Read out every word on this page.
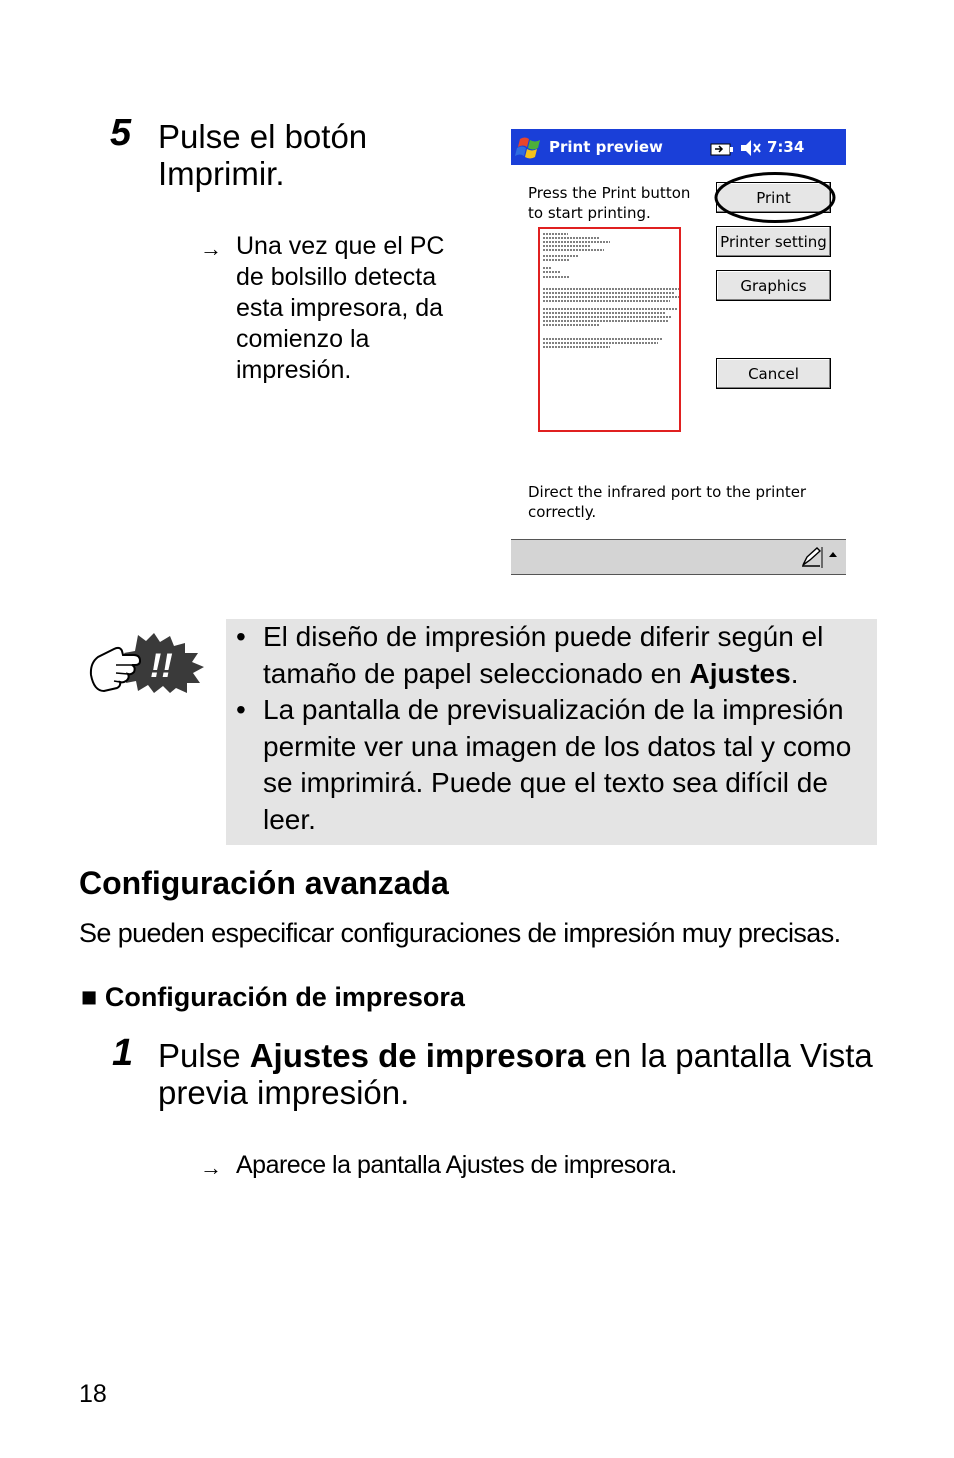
5 Pulse el botón
Imprimir.
→ Una vez que el PC
de bolsillo detecta
esta impresora, da
comienzo la
impresión.
Print preview	7:34
Press the Print button
to start printing.
Print
Printer setting
Graphics
Cancel
Direct the infrared port to the printer
correctly.
!!
• El diseño de impresión puede diferir según el tamaño de papel seleccionado en Ajustes.
• La pantalla de previsualización de la impresión permite ver una imagen de los datos tal y como se imprimirá. Puede que el texto sea difícil de leer.
Configuración avanzada
Se pueden especificar configuraciones de impresión muy precisas.
■ Configuración de impresora
1 Pulse Ajustes de impresora en la pantalla Vista
previa impresión.
→ Aparece la pantalla Ajustes de impresora.
18
